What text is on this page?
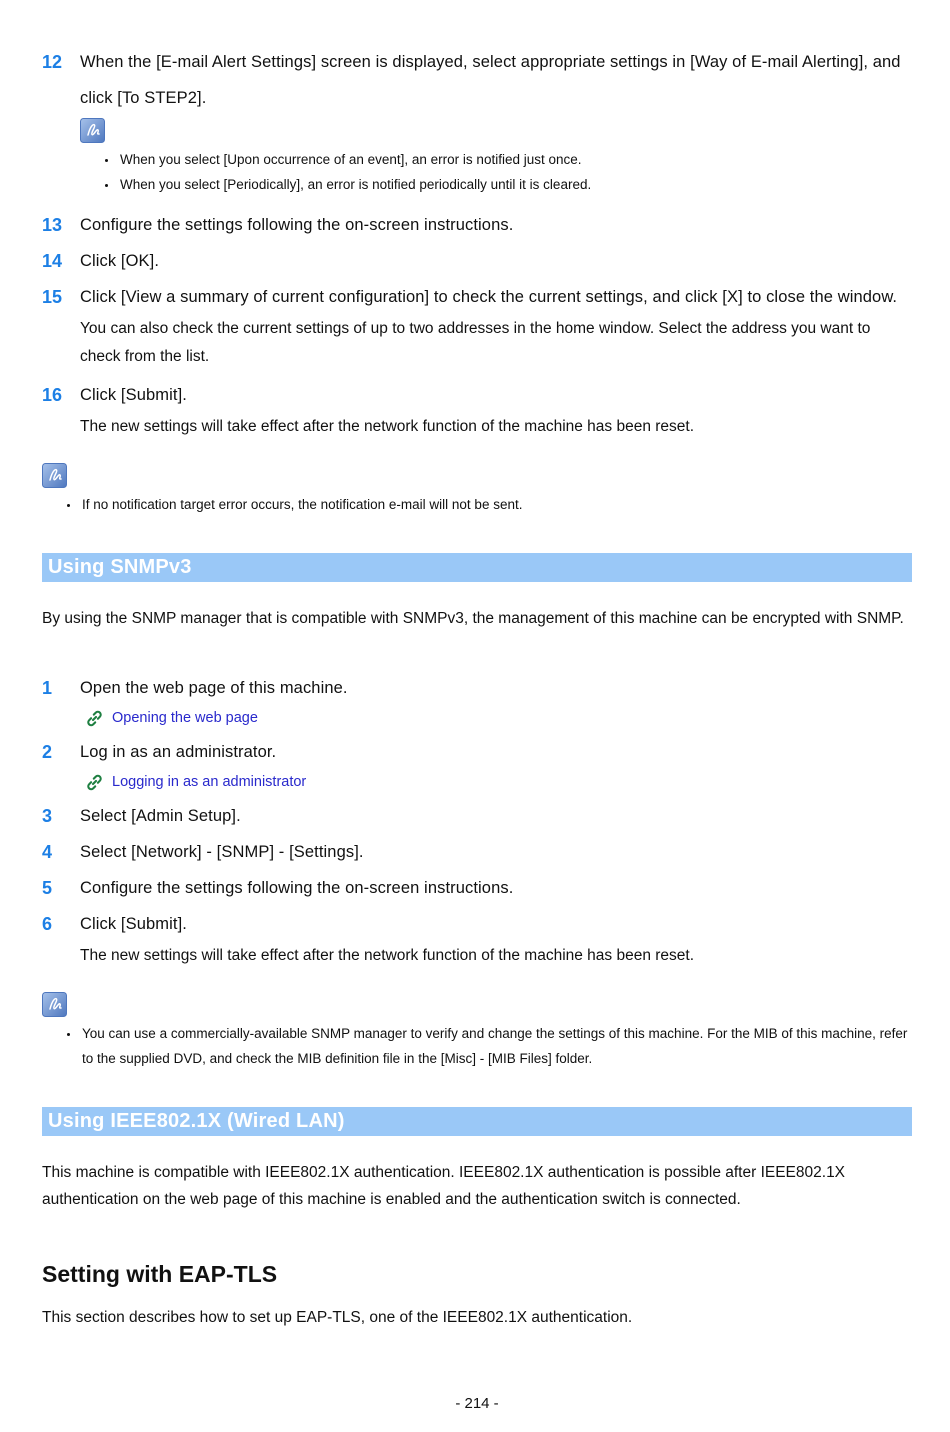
12	When the [E-mail Alert Settings] screen is displayed, select appropriate settings in [Way of E-mail Alerting], and click [To STEP2].

• When you select [Upon occurrence of an event], an error is notified just once.
• When you select [Periodically], an error is notified periodically until it is cleared.
13	Configure the settings following the on-screen instructions.

14	Click [OK].

15	Click [View a summary of current configuration] to check the current settings, and click [X] to close the window.

You can also check the current settings of up to two addresses in the home window. Select the address you want to check from the list.

16	Click [Submit].

The new settings will take effect after the network function of the machine has been reset.

• If no notification target error occurs, the notification e-mail will not be sent.
Using SNMPv3

By using the SNMP manager that is compatible with SNMPv3, the management of this machine can be encrypted with SNMP.

1	Open the web page of this machine.

Opening the web page
2	Log in as an administrator.

Logging in as an administrator
3	Select [Admin Setup].

4	Select [Network] - [SNMP] - [Settings].

5	Configure the settings following the on-screen instructions.

6	Click [Submit].

The new settings will take effect after the network function of the machine has been reset.

• You can use a commercially-available SNMP manager to verify and change the settings of this machine. For the MIB of this machine, refer to the supplied DVD, and check the MIB definition file in the [Misc] - [MIB Files] folder.
Using IEEE802.1X (Wired LAN)

This machine is compatible with IEEE802.1X authentication. IEEE802.1X authentication is possible after IEEE802.1X authentication on the web page of this machine is enabled and the authentication switch is connected.

Setting with EAP-TLS

This section describes how to set up EAP-TLS, one of the IEEE802.1X authentication.

- 214 -
